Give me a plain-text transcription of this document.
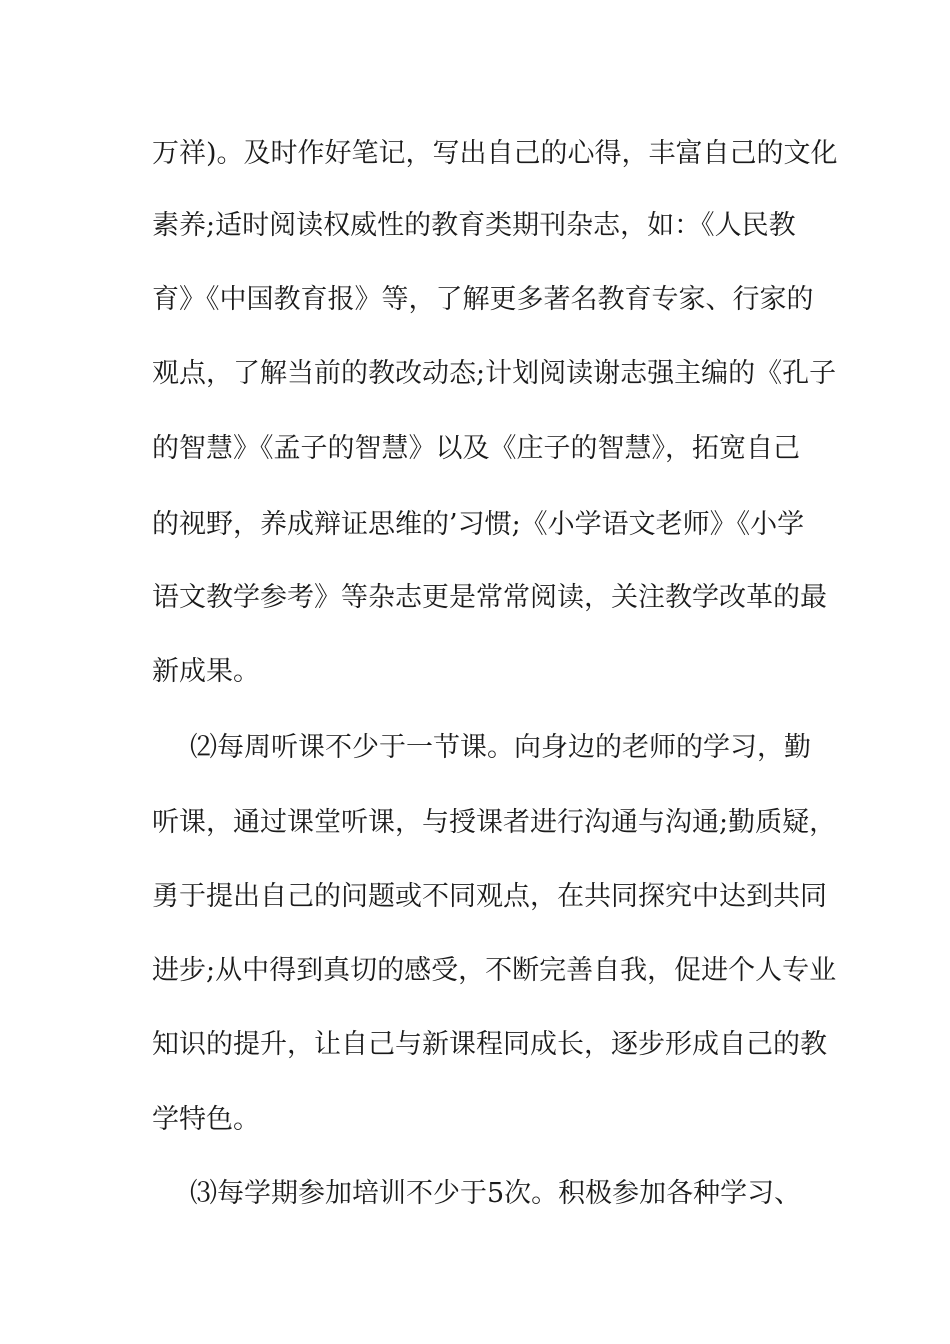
万祥)。及时作好笔记，写出自己的心得，丰富自己的文化
素养;适时阅读权威性的教育类期刊杂志，如：《人民教
育》《中国教育报》等，了解更多著名教育专家、行家的
观点，了解当前的教改动态;计划阅读谢志强主编的《孔子
的智慧》《孟子的智慧》以及《庄子的智慧》，拓宽自己
的视野，养成辩证思维的’习惯;《小学语文老师》《小学
语文教学参考》等杂志更是常常阅读，关注教学改革的最
新成果。
⑵每周听课不少于一节课。向身边的老师的学习，勤
听课，通过课堂听课，与授课者进行沟通与沟通;勤质疑，
勇于提出自己的问题或不同观点，在共同探究中达到共同
进步;从中得到真切的感受，不断完善自我，促进个人专业
知识的提升，让自己与新课程同成长，逐步形成自己的教
学特色。
⑶每学期参加培训不少于5次。积极参加各种学习、
